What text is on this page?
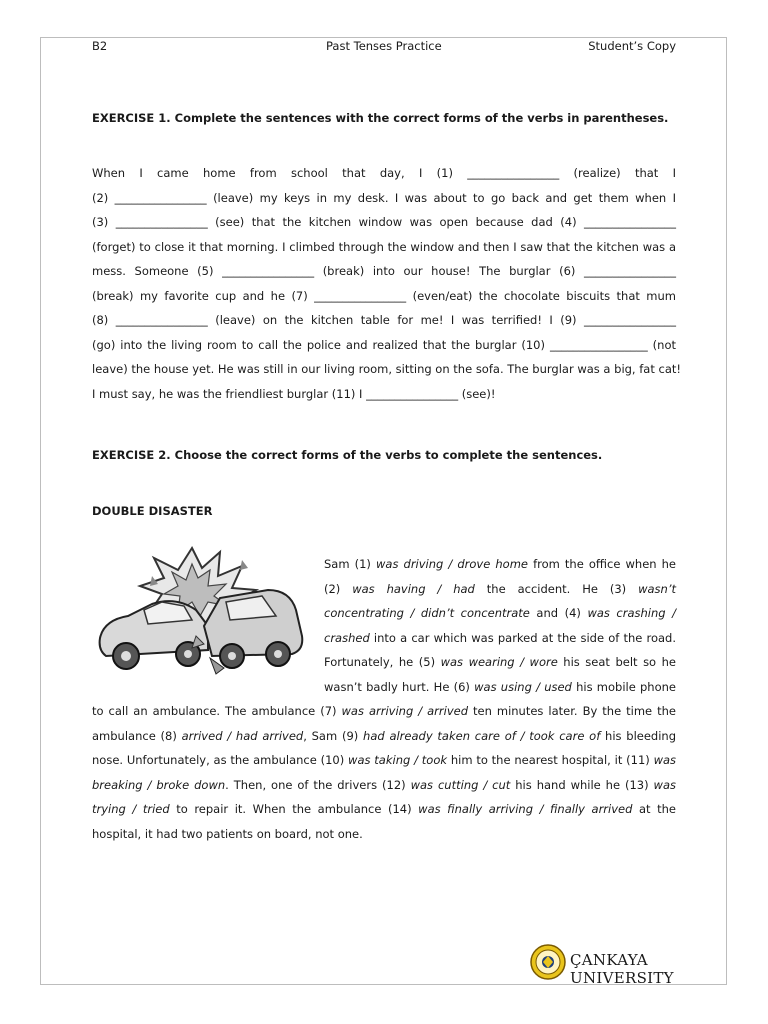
B2	Past Tenses Practice	Student’s Copy
EXERCISE 1. Complete the sentences with the correct forms of the verbs in parentheses.
When I came home from school that day, I (1) ________________ (realize) that I
(2) ________________ (leave) my keys in my desk. I was about to go back and get them when I
(3) ________________ (see) that the kitchen window was open because dad (4) ________________
(forget) to close it that morning. I climbed through the window and then I saw that the kitchen was a
mess. Someone (5) ________________ (break) into our house! The burglar (6) ________________
(break) my favorite cup and he (7) ________________ (even/eat) the chocolate biscuits that mum
(8) ________________ (leave) on the kitchen table for me! I was terrified! I (9) ________________
(go) into the living room to call the police and realized that the burglar (10) _________________ (not
leave) the house yet. He was still in our living room, sitting on the sofa. The burglar was a big, fat cat!
I must say, he was the friendliest burglar (11) I ________________ (see)!
EXERCISE 2. Choose the correct forms of the verbs to complete the sentences.
DOUBLE DISASTER
Sam (1) was driving / drove home from the office when he
(2) was having / had the accident. He (3) wasn’t
concentrating / didn’t concentrate and (4) was crashing /
crashed into a car which was parked at the side of the road.
Fortunately, he (5) was wearing / wore his seat belt so he
wasn’t badly hurt. He (6) was using / used his mobile phone
to call an ambulance. The ambulance (7) was arriving / arrived ten minutes later. By the time the
ambulance (8) arrived / had arrived, Sam (9) had already taken care of / took care of his bleeding
nose. Unfortunately, as the ambulance (10) was taking / took him to the nearest hospital, it (11) was
breaking / broke down. Then, one of the drivers (12) was cutting / cut his hand while he (13) was
trying / tried to repair it. When the ambulance (14) was finally arriving / finally arrived at the
hospital, it had two patients on board, not one.
ÇANKAYA UNIVERSITY
